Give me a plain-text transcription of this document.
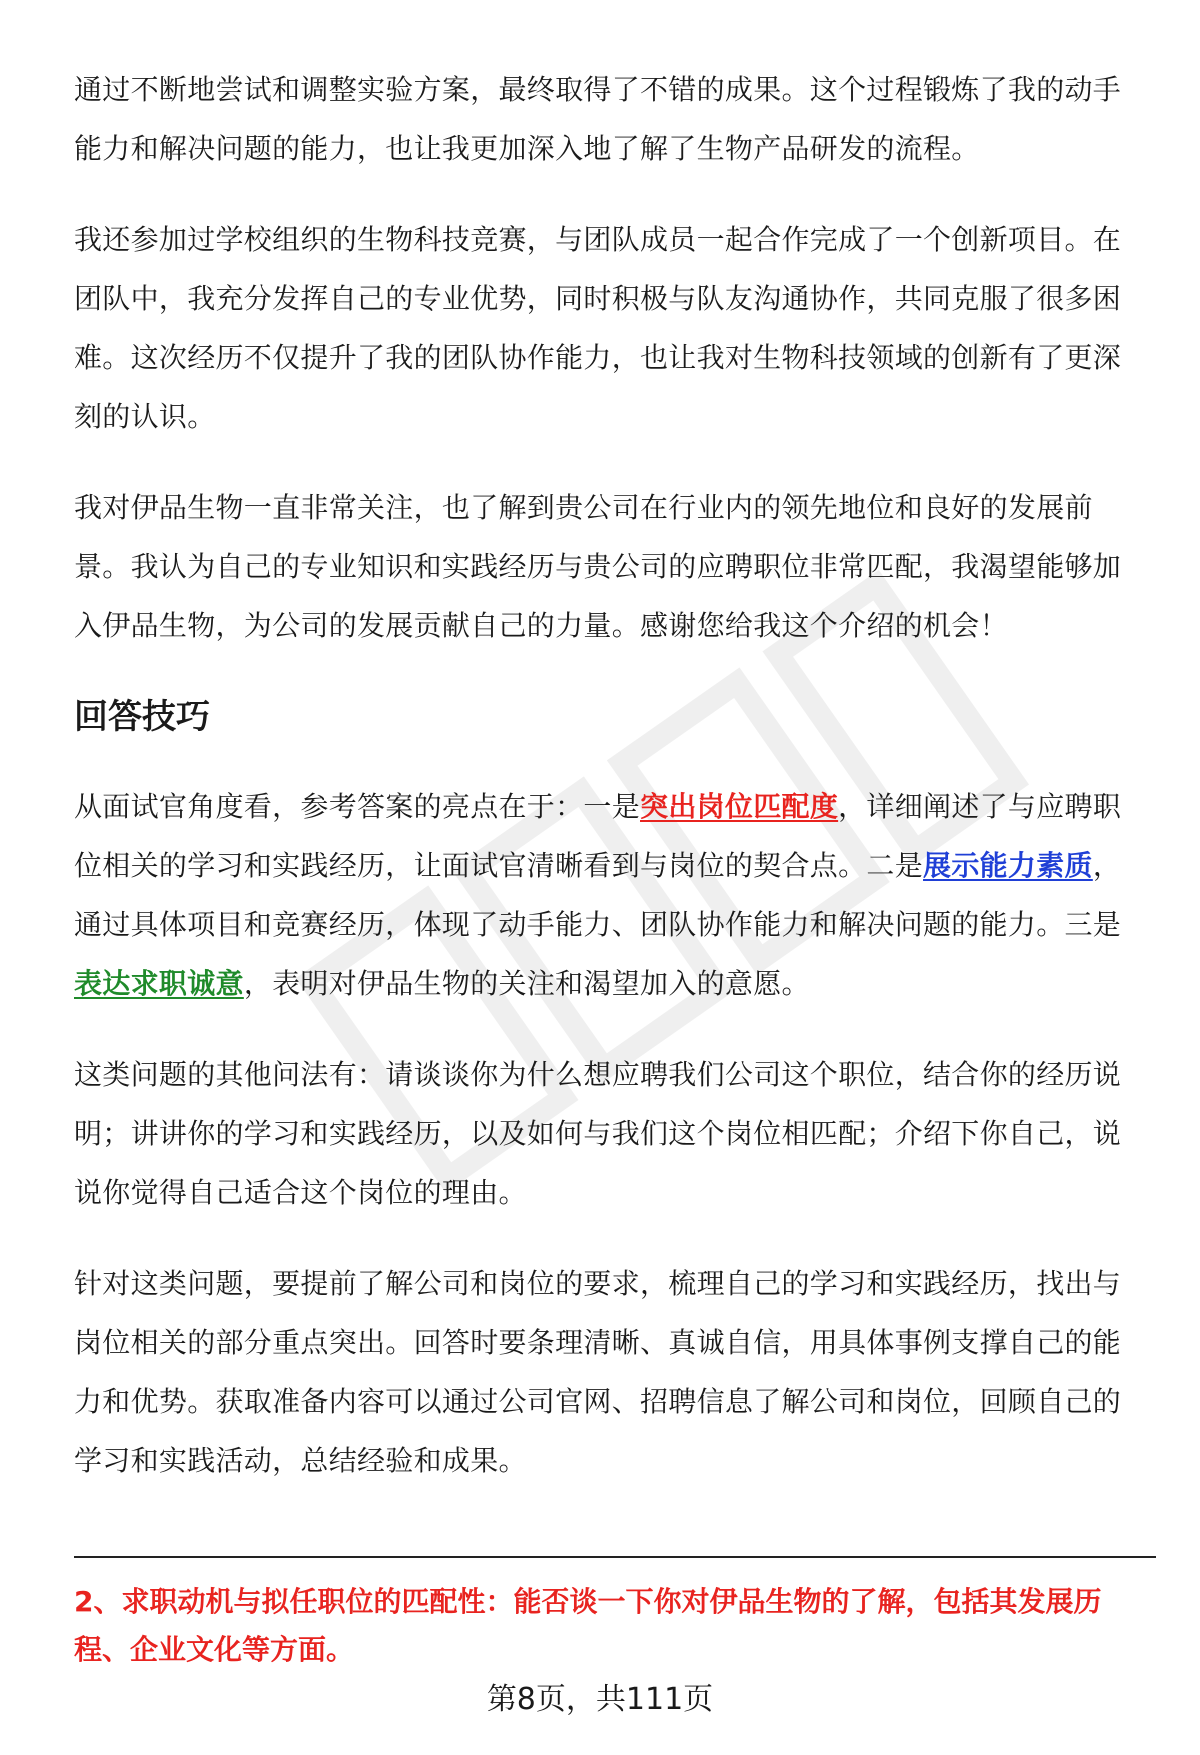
通过不断地尝试和调整实验方案，最终取得了不错的成果。这个过程锻炼了我的动手能力和解决问题的能力，也让我更加深入地了解了生物产品研发的流程。

我还参加过学校组织的生物科技竞赛，与团队成员一起合作完成了一个创新项目。在团队中，我充分发挥自己的专业优势，同时积极与队友沟通协作，共同克服了很多困难。这次经历不仅提升了我的团队协作能力，也让我对生物科技领域的创新有了更深刻的认识。

我对伊品生物一直非常关注，也了解到贵公司在行业内的领先地位和良好的发展前景。我认为自己的专业知识和实践经历与贵公司的应聘职位非常匹配，我渴望能够加入伊品生物，为公司的发展贡献自己的力量。感谢您给我这个介绍的机会！

回答技巧

从面试官角度看，参考答案的亮点在于：一是突出岗位匹配度，详细阐述了与应聘职位相关的学习和实践经历，让面试官清晰看到与岗位的契合点。二是展示能力素质，通过具体项目和竞赛经历，体现了动手能力、团队协作能力和解决问题的能力。三是表达求职诚意，表明对伊品生物的关注和渴望加入的意愿。

这类问题的其他问法有：请谈谈你为什么想应聘我们公司这个职位，结合你的经历说明；讲讲你的学习和实践经历，以及如何与我们这个岗位相匹配；介绍下你自己，说说你觉得自己适合这个岗位的理由。

针对这类问题，要提前了解公司和岗位的要求，梳理自己的学习和实践经历，找出与岗位相关的部分重点突出。回答时要条理清晰、真诚自信，用具体事例支撑自己的能力和优势。获取准备内容可以通过公司官网、招聘信息了解公司和岗位，回顾自己的学习和实践活动，总结经验和成果。

2、求职动机与拟任职位的匹配性：能否谈一下你对伊品生物的了解，包括其发展历程、企业文化等方面。

第8页，共111页
